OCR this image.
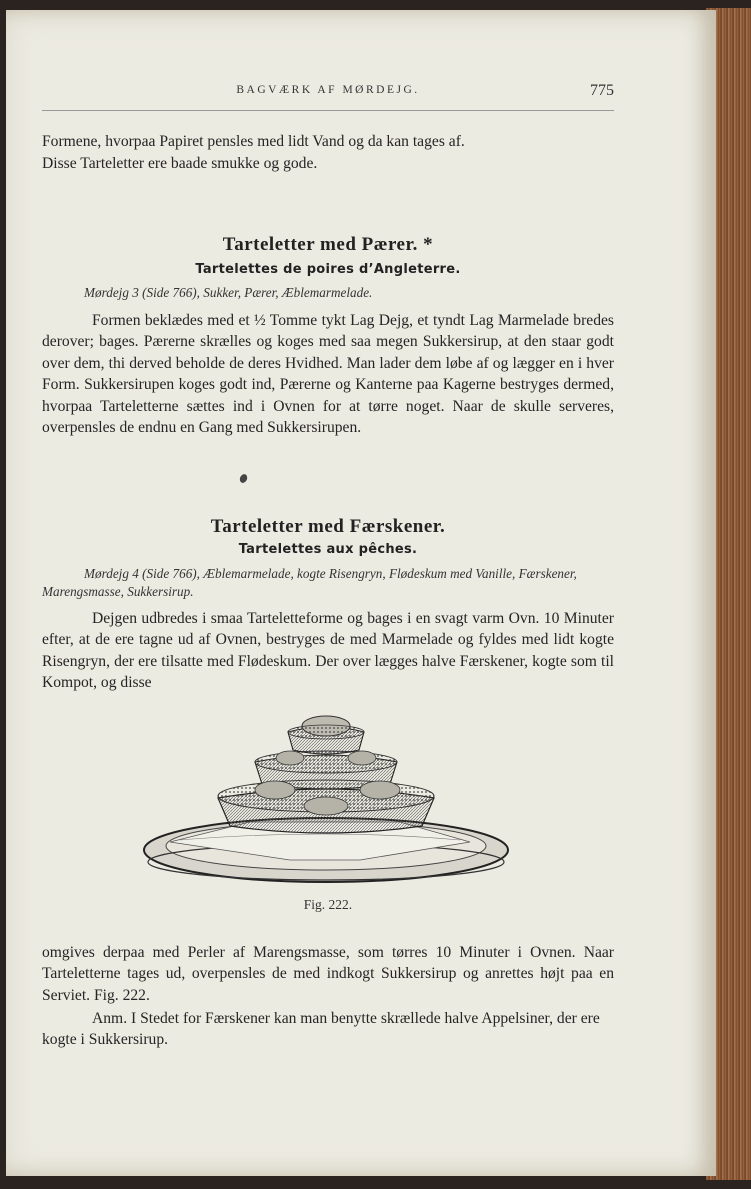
BAGVÆRK AF MØRDEJG.	775

Formene, hvorpaa Papiret pensles med lidt Vand og da kan tages af.

Disse Tarteletter ere baade smukke og gode.

Tarteletter med Pærer. *
Tartelettes de poires d’Angleterre.

Mørdejg 3 (Side 766), Sukker, Pærer, Æblemarmelade.

Formen beklædes med et ½ Tomme tykt Lag Dejg, et tyndt Lag Marmelade bredes derover; bages. Pærerne skrælles og koges med saa megen Sukkersirup, at den staar godt over dem, thi derved beholde de deres Hvidhed. Man lader dem løbe af og lægger en i hver Form. Sukkersirupen koges godt ind, Pærerne og Kanterne paa Kagerne bestryges dermed, hvorpaa Tarteletterne sættes ind i Ovnen for at tørre noget. Naar de skulle serveres, overpensles de endnu en Gang med Sukkersirupen.

Tarteletter med Færskener.
Tartelettes aux pêches.

Mørdejg 4 (Side 766), Æblemarmelade, kogte Risengryn, Flødeskum med Vanille, Færskener, Marengsmasse, Sukkersirup.

Dejgen udbredes i smaa Tarteletteforme og bages i en svagt varm Ovn. 10 Minuter efter, at de ere tagne ud af Ovnen, bestryges de med Marmelade og fyldes med lidt kogte Risengryn, der ere tilsatte med Flødeskum. Der over lægges halve Færskener, kogte som til Kompot, og disse

Fig. 222.

omgives derpaa med Perler af Marengsmasse, som tørres 10 Minuter i Ovnen. Naar Tarteletterne tages ud, overpensles de med indkogt Sukkersirup og anrettes højt paa en Serviet. Fig. 222.

Anm. I Stedet for Færskener kan man benytte skrællede halve Appelsiner, der ere kogte i Sukkersirup.
